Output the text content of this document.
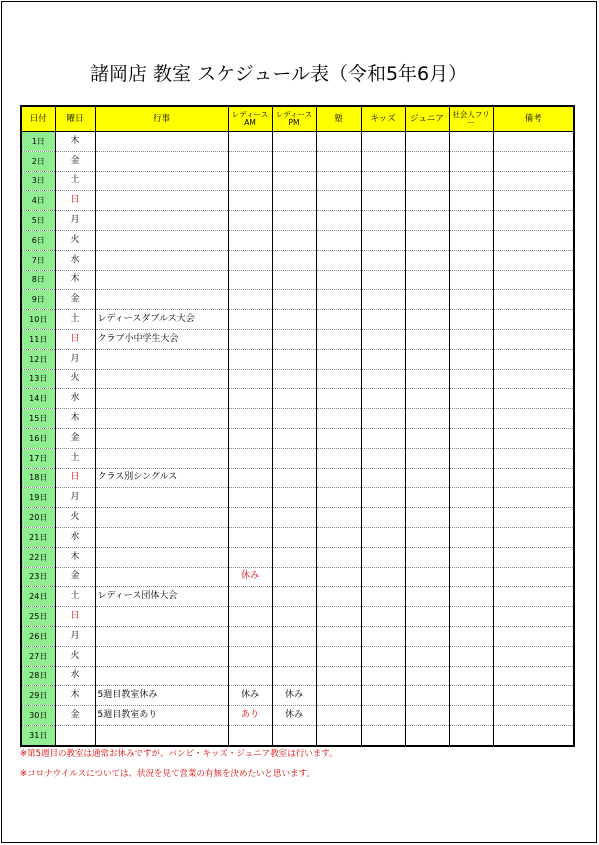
諸岡店 教室 スケジュール表（令和5年6月）
日付	曜日	行事	レディースAM	レディースPM	塾	キッズ	ジュニア	社会人フリー	備考
1日	木								
2日	金								
3日	土								
4日	日								
5日	月								
6日	火								
7日	水								
8日	木								
9日	金								
10日	土	レディースダブルス大会							
11日	日	クラブ小中学生大会							
12日	月								
13日	火								
14日	水								
15日	木								
16日	金								
17日	土								
18日	日	クラス別シングルス							
19日	月								
20日	火								
21日	水								
22日	木								
23日	金		休み						
24日	土	レディース団体大会							
25日	日								
26日	月								
27日	火								
28日	水								
29日	木	5週目教室休み	休み	休み					
30日	金	5週目教室あり	あり	休み					
31日									
※第5週目の教室は通常お休みですが、バンビ・キッズ・ジュニア教室は行います。
※コロナウイルスについては、状況を見て営業の有無を決めたいと思います。
